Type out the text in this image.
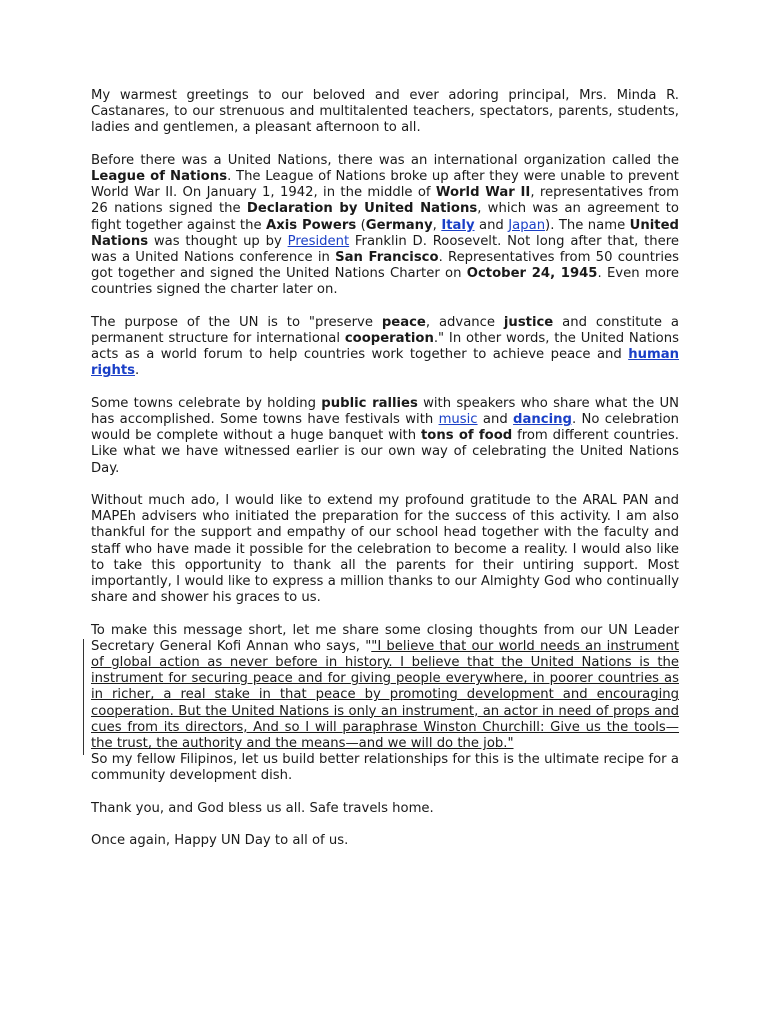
My warmest greetings to our beloved and ever adoring principal, Mrs. Minda R. Castanares, to our strenuous and multitalented teachers, spectators, parents, students, ladies and gentlemen, a pleasant afternoon to all.

Before there was a United Nations, there was an international organization called the League of Nations. The League of Nations broke up after they were unable to prevent World War II. On January 1, 1942, in the middle of World War II, representatives from 26 nations signed the Declaration by United Nations, which was an agreement to fight together against the Axis Powers (Germany, Italy and Japan). The name United Nations was thought up by President Franklin D. Roosevelt. Not long after that, there was a United Nations conference in San Francisco. Representatives from 50 countries got together and signed the United Nations Charter on October 24, 1945. Even more countries signed the charter later on.

The purpose of the UN is to "preserve peace, advance justice and constitute a permanent structure for international cooperation." In other words, the United Nations acts as a world forum to help countries work together to achieve peace and human rights.

Some towns celebrate by holding public rallies with speakers who share what the UN has accomplished. Some towns have festivals with music and dancing. No celebration would be complete without a huge banquet with tons of food from different countries. Like what we have witnessed earlier is our own way of celebrating the United Nations Day.

Without much ado, I would like to extend my profound gratitude to the ARAL PAN and MAPEh advisers who initiated the preparation for the success of this activity. I am also thankful for the support and empathy of our school head together with the faculty and staff who have made it possible for the celebration to become a reality. I would also like to take this opportunity to thank all the parents for their untiring support. Most importantly, I would like to express a million thanks to our Almighty God who continually share and shower his graces to us.

To make this message short, let me share some closing thoughts from our UN Leader Secretary General Kofi Annan who says, ""I believe that our world needs an instrument of global action as never before in history. I believe that the United Nations is the instrument for securing peace and for giving people everywhere, in poorer countries as in richer, a real stake in that peace by promoting development and encouraging cooperation. But the United Nations is only an instrument, an actor in need of props and cues from its directors, And so I will paraphrase Winston Churchill: Give us the tools—the trust, the authority and the means—and we will do the job."

So my fellow Filipinos, let us build better relationships for this is the ultimate recipe for a community development dish.

Thank you, and God bless us all. Safe travels home.

Once again, Happy UN Day to all of us.
